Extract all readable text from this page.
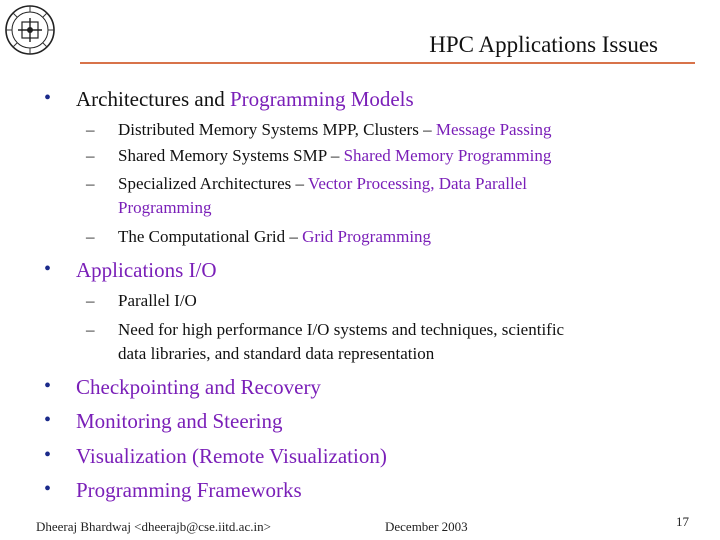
HPC Applications Issues
• Architectures and Programming Models
– Distributed Memory Systems MPP, Clusters – Message Passing
– Shared Memory Systems SMP – Shared Memory Programming
– Specialized Architectures – Vector Processing, Data Parallel
Programming
– The Computational Grid – Grid Programming
• Applications I/O
– Parallel I/O
– Need for high performance I/O systems and techniques, scientific
data libraries, and standard data representation
• Checkpointing and Recovery
• Monitoring and Steering
• Visualization (Remote Visualization)
• Programming Frameworks
Dheeraj Bhardwaj <dheerajb@cse.iitd.ac.in>	December 2003	17
